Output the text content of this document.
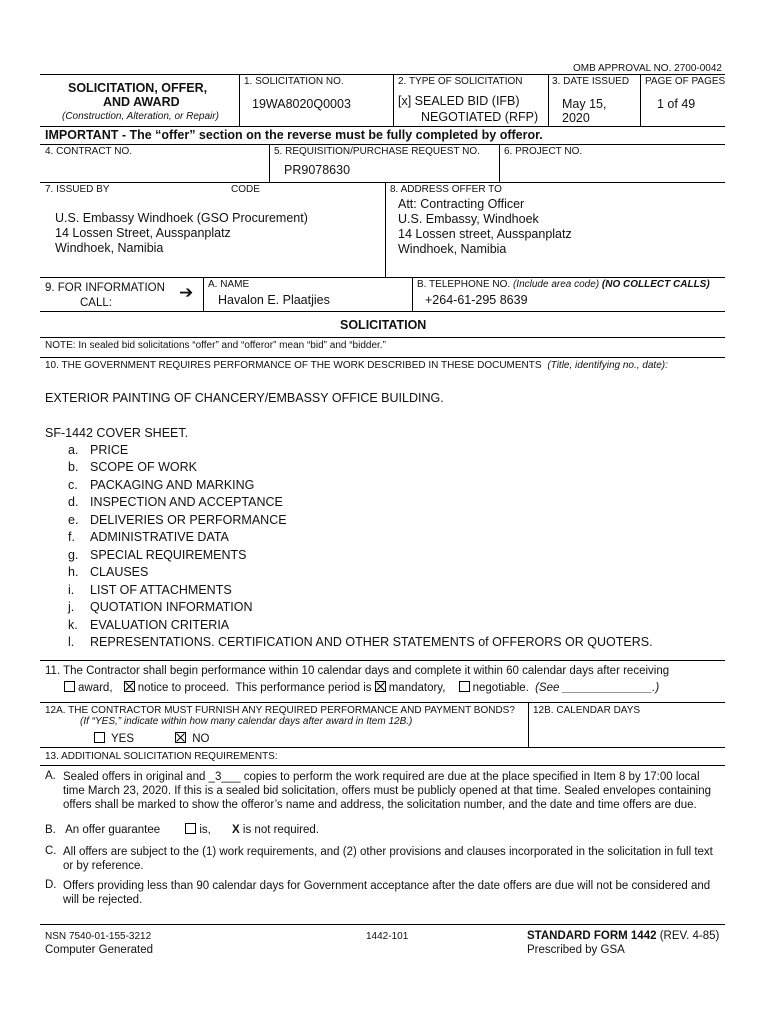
OMB APPROVAL NO. 2700-0042
SOLICITATION, OFFER,
AND AWARD
(Construction, Alteration, or Repair)
1. SOLICITATION NO.
19WA8020Q0003
2. TYPE OF SOLICITATION
[x] SEALED BID (IFB)
NEGOTIATED (RFP)
3. DATE ISSUED
May 15,
2020
PAGE OF PAGES
1 of 49
IMPORTANT - The “offer” section on the reverse must be fully completed by offeror.
4. CONTRACT NO.	5. REQUISITION/PURCHASE REQUEST NO.
PR9078630
6. PROJECT NO.
7. ISSUED BY	CODE
U.S. Embassy Windhoek (GSO Procurement)
14 Lossen Street, Ausspanplatz
Windhoek, Namibia
8. ADDRESS OFFER TO
Att: Contracting Officer
U.S. Embassy, Windhoek
14 Lossen street, Ausspanplatz
Windhoek, Namibia
9. FOR INFORMATION
CALL:
➔ A. NAME
Havalon E. Plaatjies
B. TELEPHONE NO. (Include area code) (NO COLLECT CALLS)
+264-61-295 8639
SOLICITATION
NOTE: In sealed bid solicitations “offer” and “offeror” mean “bid” and “bidder.”
10. THE GOVERNMENT REQUIRES PERFORMANCE OF THE WORK DESCRIBED IN THESE DOCUMENTS (Title, identifying no., date):
EXTERIOR PAINTING OF CHANCERY/EMBASSY OFFICE BUILDING.
SF-1442 COVER SHEET.
a. PRICE
b. SCOPE OF WORK
c. PACKAGING AND MARKING
d. INSPECTION AND ACCEPTANCE
e. DELIVERIES OR PERFORMANCE
f. ADMINISTRATIVE DATA
g. SPECIAL REQUIREMENTS
h. CLAUSES
i. LIST OF ATTACHMENTS
j. QUOTATION INFORMATION
k. EVALUATION CRITERIA
l. REPRESENTATIONS. CERTIFICATION AND OTHER STATEMENTS of OFFERORS OR QUOTERS.
11. The Contractor shall begin performance within 10 calendar days and complete it within 60 calendar days after receiving
award, notice to proceed. This performance period is mandatory, negotiable. (See ______________.)
12A. THE CONTRACTOR MUST FURNISH ANY REQUIRED PERFORMANCE AND PAYMENT BONDS?
(If “YES,” indicate within how many calendar days after award in Item 12B.)
YES	NO
12B. CALENDAR DAYS
13. ADDITIONAL SOLICITATION REQUIREMENTS:
A. Sealed offers in original and _3___ copies to perform the work required are due at the place specified in Item 8 by 17:00 local time March 23, 2020. If this is a sealed bid solicitation, offers must be publicly opened at that time. Sealed envelopes containing offers shall be marked to show the offeror’s name and address, the solicitation number, and the date and time offers are due.
B. An offer guarantee	is, X is not required.
C. All offers are subject to the (1) work requirements, and (2) other provisions and clauses incorporated in the solicitation in full text or by reference.
D. Offers providing less than 90 calendar days for Government acceptance after the date offers are due will not be considered and will be rejected.
NSN 7540-01-155-3212
Computer Generated
1442-101	STANDARD FORM 1442 (REV. 4-85)
Prescribed by GSA
